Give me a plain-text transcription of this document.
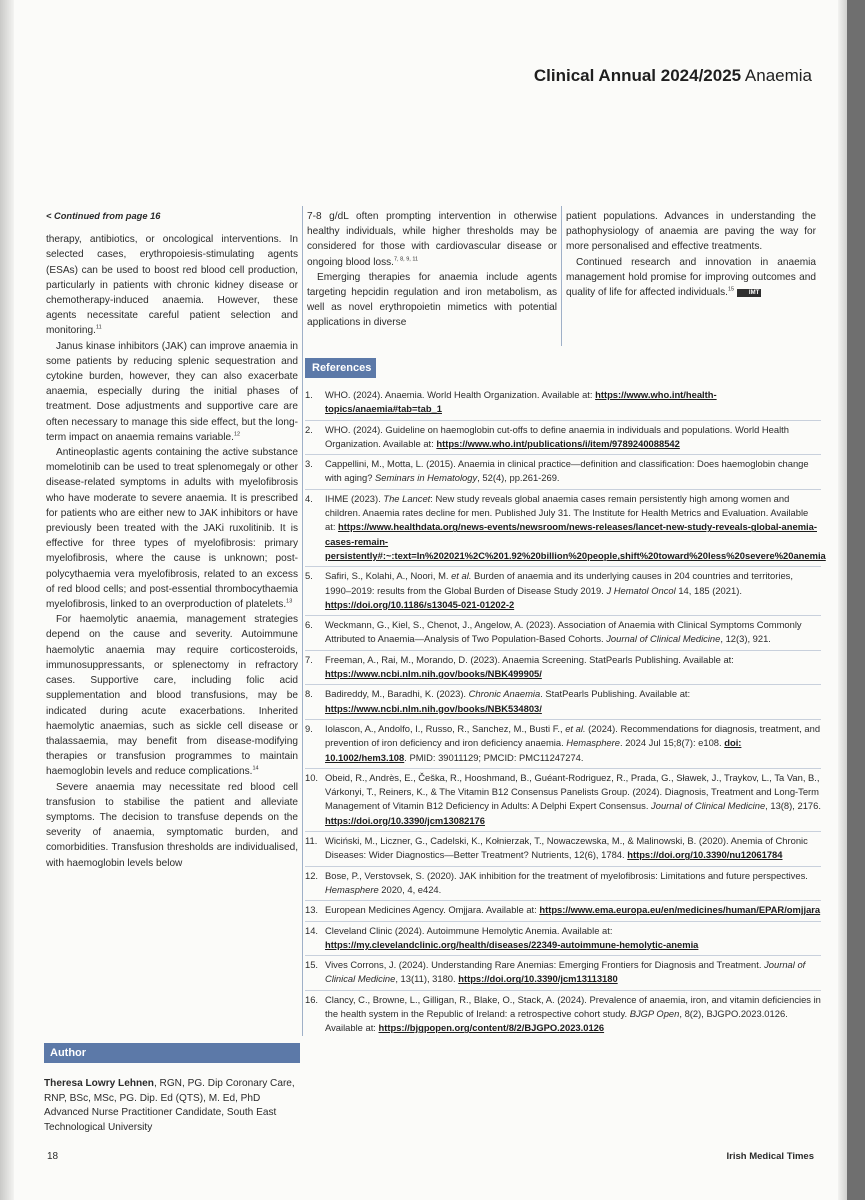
Clinical Annual 2024/2025 Anaemia

< Continued from page 16

therapy, antibiotics, or oncological interventions. In selected cases, erythropoiesis-stimulating agents (ESAs) can be used to boost red blood cell production, particularly in patients with chronic kidney disease or chemotherapy-induced anaemia. However, these agents necessitate careful patient selection and monitoring.$^{11}$

Janus kinase inhibitors (JAK) can improve anaemia in some patients by reducing splenic sequestration and cytokine burden, however, they can also exacerbate anaemia, especially during the initial phases of treatment. Dose adjustments and supportive care are often necessary to manage this side effect, but the long-term impact on anaemia remains variable.$^{12}$

Antineoplastic agents containing the active substance momelotinib can be used to treat splenomegaly or other disease-related symptoms in adults with myelofibrosis who have moderate to severe anaemia. It is prescribed for patients who are either new to JAK inhibitors or have previously been treated with the JAKi ruxolitinib. It is effective for three types of myelofibrosis: primary myelofibrosis, where the cause is unknown; post-polycythaemia vera myelofibrosis, related to an excess of red blood cells; and post-essential thrombocythaemia myelofibrosis, linked to an overproduction of platelets.$^{13}$

For haemolytic anaemia, management strategies depend on the cause and severity. Autoimmune haemolytic anaemia may require corticosteroids, immunosuppressants, or splenectomy in refractory cases. Supportive care, including folic acid supplementation and blood transfusions, may be indicated during acute exacerbations. Inherited haemolytic anaemias, such as sickle cell disease or thalassaemia, may benefit from disease-modifying therapies or transfusion programmes to maintain haemoglobin levels and reduce complications.$^{14}$

Severe anaemia may necessitate red blood cell transfusion to stabilise the patient and alleviate symptoms. The decision to transfuse depends on the severity of anaemia, symptomatic burden, and comorbidities. Transfusion thresholds are individualised, with haemoglobin levels below

7-8 g/dL often prompting intervention in otherwise healthy individuals, while higher thresholds may be considered for those with cardiovascular disease or ongoing blood loss.$^{7, 8, 9, 11}$

Emerging therapies for anaemia include agents targeting hepcidin regulation and iron metabolism, as well as novel erythropoietin mimetics with potential applications in diverse

patient populations. Advances in understanding the pathophysiology of anaemia are paving the way for more personalised and effective treatments.

Continued research and innovation in anaemia management hold promise for improving outcomes and quality of life for affected individuals.$^{15}$ IMT

Author
Theresa Lowry Lehnen, RGN, PG. Dip Coronary Care, RNP, BSc, MSc, PG. Dip. Ed (QTS), M. Ed, PhD Advanced Nurse Practitioner Candidate, South East Technological University
References
1.	WHO. (2024). Anaemia. World Health Organization. Available at: https://www.who.int/health-topics/anaemia#tab=tab_1
2.	WHO. (2024). Guideline on haemoglobin cut-offs to define anaemia in individuals and populations. World Health Organization. Available at: https://www.who.int/publications/i/item/9789240088542
3.	Cappellini, M., Motta, L. (2015). Anaemia in clinical practice—definition and classification: Does haemoglobin change with aging? Seminars in Hematology, 52(4), pp.261-269.
4.	IHME (2023). The Lancet: New study reveals global anaemia cases remain persistently high among women and children. Anaemia rates decline for men. Published July 31. The Institute for Health Metrics and Evaluation. Available at: https://www.healthdata.org/news-events/newsroom/news-releases/lancet-new-study-reveals-global-anemia-cases-remain-persistently#:~:text=In%202021%2C%201.92%20billion%20people,shift%20toward%20less%20severe%20anemia
5.	Safiri, S., Kolahi, A., Noori, M. et al. Burden of anaemia and its underlying causes in 204 countries and territories, 1990–2019: results from the Global Burden of Disease Study 2019. J Hematol Oncol 14, 185 (2021). https://doi.org/10.1186/s13045-021-01202-2
6.	Weckmann, G., Kiel, S., Chenot, J., Angelow, A. (2023). Association of Anaemia with Clinical Symptoms Commonly Attributed to Anaemia—Analysis of Two Population-Based Cohorts. Journal of Clinical Medicine, 12(3), 921.
7.	Freeman, A., Rai, M., Morando, D. (2023). Anaemia Screening. StatPearls Publishing. Available at: https://www.ncbi.nlm.nih.gov/books/NBK499905/
8.	Badireddy, M., Baradhi, K. (2023). Chronic Anaemia. StatPearls Publishing. Available at: https://www.ncbi.nlm.nih.gov/books/NBK534803/
9.	Iolascon, A., Andolfo, I., Russo, R., Sanchez, M., Busti F., et al. (2024). Recommendations for diagnosis, treatment, and prevention of iron deficiency and iron deficiency anaemia. Hemasphere. 2024 Jul 15;8(7): e108. doi: 10.1002/hem3.108. PMID: 39011129; PMCID: PMC11247274.
10. Obeid, R., Andrès, E., Češka, R., Hooshmand, B., Guéant-Rodriguez, R., Prada, G., Sławek, J., Traykov, L., Ta Van, B., Várkonyi, T., Reiners, K., & The Vitamin B12 Consensus Panelists Group. (2024). Diagnosis, Treatment and Long-Term Management of Vitamin B12 Deficiency in Adults: A Delphi Expert Consensus. Journal of Clinical Medicine, 13(8), 2176. https://doi.org/10.3390/jcm13082176
11. Wiciński, M., Liczner, G., Cadelski, K., Kołnierzak, T., Nowaczewska, M., & Malinowski, B. (2020). Anemia of Chronic Diseases: Wider Diagnostics—Better Treatment? Nutrients, 12(6), 1784. https://doi.org/10.3390/nu12061784
12. Bose, P., Verstovsek, S. (2020). JAK inhibition for the treatment of myelofibrosis: Limitations and future perspectives. Hemasphere 2020, 4, e424.
13. European Medicines Agency. Omjjara. Available at: https://www.ema.europa.eu/en/medicines/human/EPAR/omjjara
14. Cleveland Clinic (2024). Autoimmune Hemolytic Anemia. Available at: https://my.clevelandclinic.org/health/diseases/22349-autoimmune-hemolytic-anemia
15. Vives Corrons, J. (2024). Understanding Rare Anemias: Emerging Frontiers for Diagnosis and Treatment. Journal of Clinical Medicine, 13(11), 3180. https://doi.org/10.3390/jcm13113180
16. Clancy, C., Browne, L., Gilligan, R., Blake, O., Stack, A. (2024). Prevalence of anaemia, iron, and vitamin deficiencies in the health system in the Republic of Ireland: a retrospective cohort study. BJGP Open, 8(2), BJGPO.2023.0126. Available at: https://bjgpopen.org/content/8/2/BJGPO.2023.0126
18	Irish Medical Times
